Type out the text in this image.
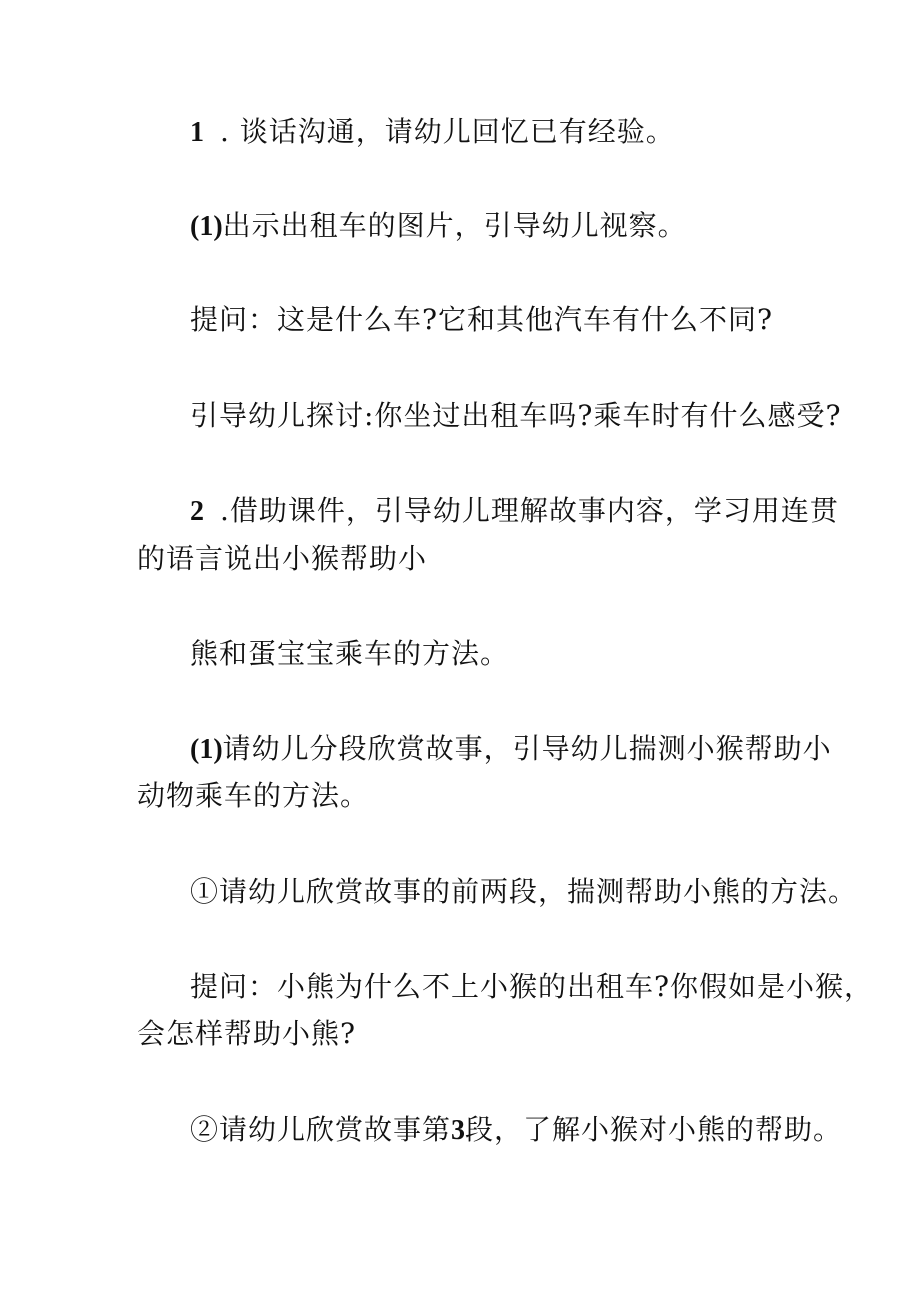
1 . 谈话沟通，请幼儿回忆已有经验。
(1)出示出租车的图片，引导幼儿视察。
提问：这是什么车?它和其他汽车有什么不同?
引导幼儿探讨:你坐过出租车吗?乘车时有什么感受?
2 .借助课件，引导幼儿理解故事内容，学习用连贯
的语言说出小猴帮助小
熊和蛋宝宝乘车的方法。
(1)请幼儿分段欣赏故事，引导幼儿揣测小猴帮助小
动物乘车的方法。
①请幼儿欣赏故事的前两段，揣测帮助小熊的方法。
提问：小熊为什么不上小猴的出租车?你假如是小猴，
会怎样帮助小熊?
②请幼儿欣赏故事第3段，了解小猴对小熊的帮助。
